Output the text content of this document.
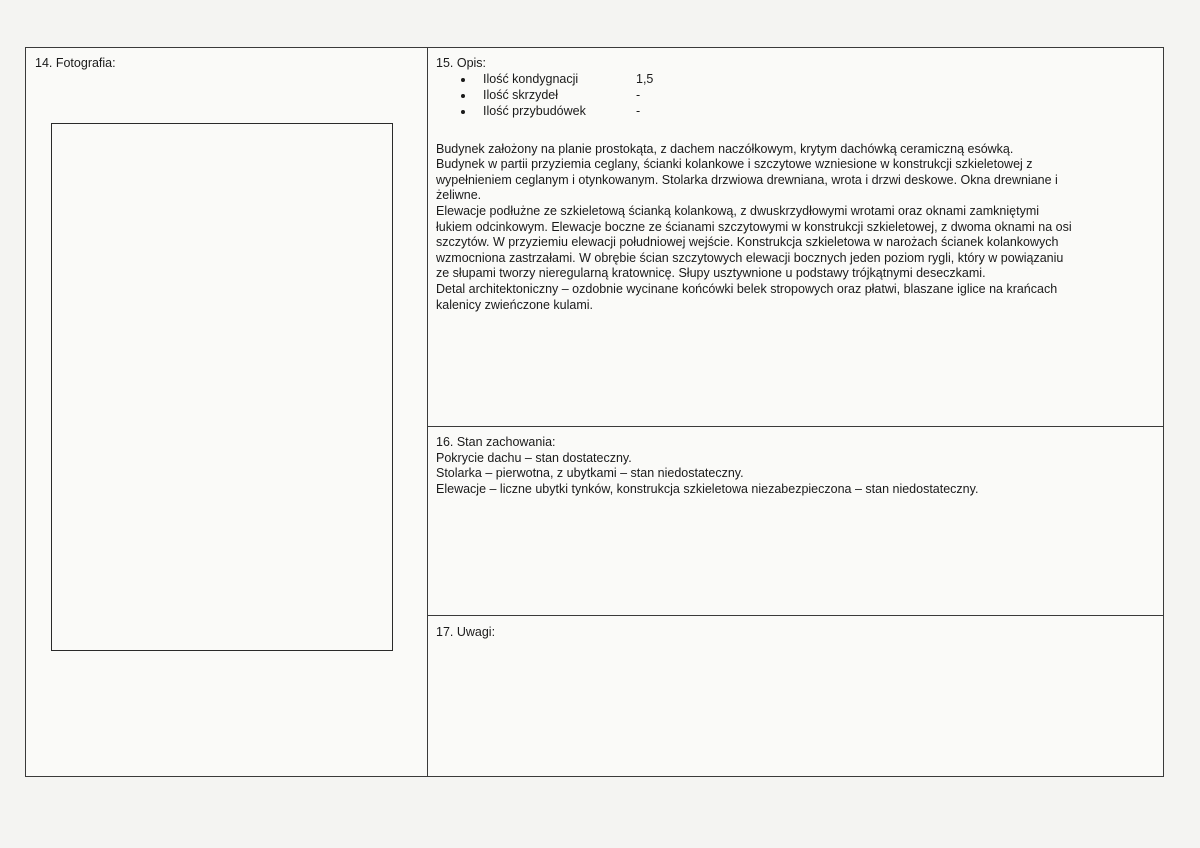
14. Fotografia:	15. Opis:
Ilość kondygnacji	1,5
Ilość skrzydeł	-
Ilość przybudówek	-

Budynek założony na planie prostokąta, z dachem naczółkowym, krytym dachówką ceramiczną esówką.

Budynek w partii przyziemia ceglany, ścianki kolankowe i szczytowe wzniesione w konstrukcji szkieletowej z

wypełnieniem ceglanym i otynkowanym. Stolarka drzwiowa drewniana, wrota i drzwi deskowe. Okna drewniane i

żeliwne.

Elewacje podłużne ze szkieletową ścianką kolankową, z dwuskrzydłowymi wrotami oraz oknami zamkniętymi

łukiem odcinkowym. Elewacje boczne ze ścianami szczytowymi w konstrukcji szkieletowej, z dwoma oknami na osi

szczytów. W przyziemiu elewacji południowej wejście. Konstrukcja szkieletowa w narożach ścianek kolankowych

wzmocniona zastrzałami. W obrębie ścian szczytowych elewacji bocznych jeden poziom rygli, który w powiązaniu

ze słupami tworzy nieregularną kratownicę. Słupy usztywnione u podstawy trójkątnymi deseczkami.

Detal architektoniczny – ozdobnie wycinane końcówki belek stropowych oraz płatwi, blaszane iglice na krańcach

kalenicy zwieńczone kulami.

16. Stan zachowania:

Pokrycie dachu – stan dostateczny.

Stolarka – pierwotna, z ubytkami – stan niedostateczny.

Elewacje – liczne ubytki tynków, konstrukcja szkieletowa niezabezpieczona – stan niedostateczny.

17. Uwagi:
